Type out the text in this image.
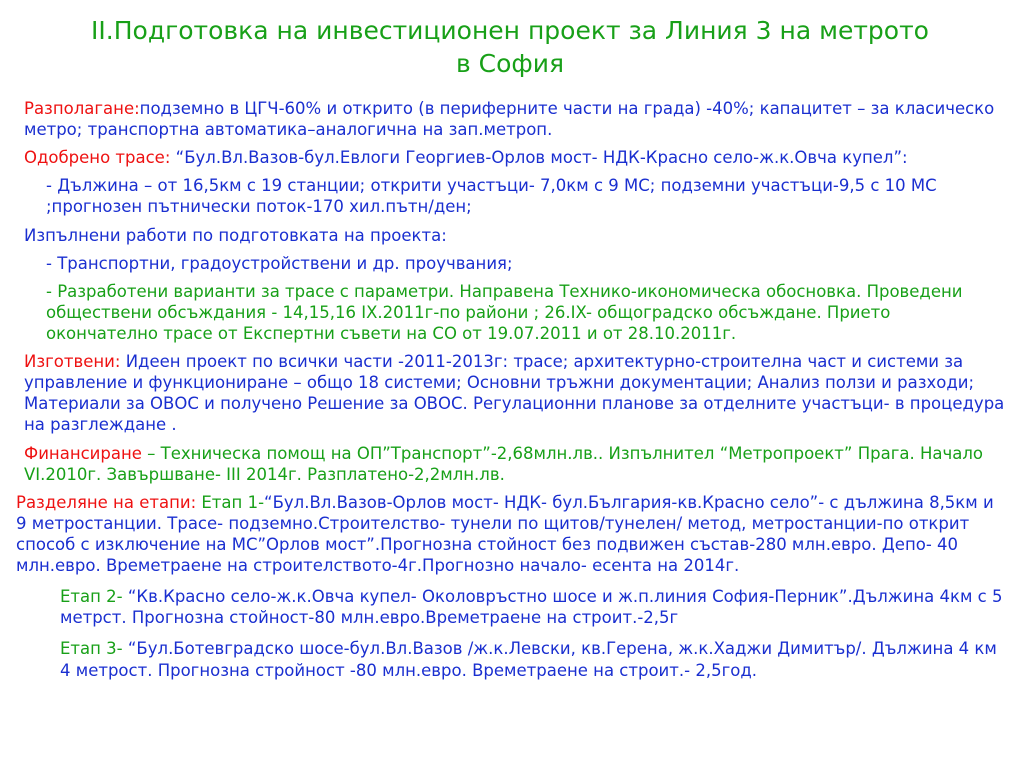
II.Подготовка на инвестиционен проект за Линия 3 на метрото в София
Разполагане:подземно в ЦГЧ-60% и открито (в периферните части на града) -40%; капацитет – за класическо метро; транспортна автоматика–аналогична на зап.метроп.
Одобрено трасе: “Бул.Вл.Вазов-бул.Евлоги Георгиев-Орлов мост- НДК-Красно село-ж.к.Овча купел”:
- Дължина – от 16,5км с 19 станции; открити участъци- 7,0км с 9 МС; подземни участъци-9,5 с 10 МС ;прогнозен пътнически поток-170 хил.пътн/ден;
Изпълнени работи по подготовката на проекта:
- Транспортни, градоустройствени и др. проучвания;
- Разработени варианти за трасе с параметри. Направена Технико-икономическа обосновка. Проведени обществени обсъждания - 14,15,16 IX.2011г-по райони ; 26.IX- общоградско обсъждане. Прието окончателно трасе от Експертни съвети на СО от 19.07.2011 и от 28.10.2011г.
Изготвени: Идеен проект по всички части -2011-2013г: трасе; архитектурно-строителна част и системи за управление и функциониране – общо 18 системи; Основни тръжни документации; Анализ ползи и разходи; Материали за ОВОС и получено Решение за ОВОС. Регулационни планове за отделните участъци- в процедура на разглеждане .
Финансиране – Техническа помощ на ОП”Транспорт”-2,68млн.лв.. Изпълнител “Метропроект” Прага. Начало VI.2010г. Завършване- III 2014г. Разплатено-2,2млн.лв.
Разделяне на етапи: Етап 1-“Бул.Вл.Вазов-Орлов мост- НДК- бул.България-кв.Красно село”- с дължина 8,5км и 9 метростанции. Трасе- подземно.Строителство- тунели по щитов/тунелен/ метод, метростанции-по открит способ с изключение на МС”Орлов мост”.Прогнозна стойност без подвижен състав-280 млн.евро. Депо- 40 млн.евро. Времетраене на строителството-4г.Прогнозно начало- есента на 2014г.
Етап 2- “Кв.Красно село-ж.к.Овча купел- Околовръстно шосе и ж.п.линия София-Перник”.Дължина 4км с 5 метрст. Прогнозна стойност-80 млн.евро.Времетраене на строит.-2,5г
Етап 3- “Бул.Ботевградско шосе-бул.Вл.Вазов /ж.к.Левски, кв.Герена, ж.к.Хаджи Димитър/. Дължина 4 км 4 метрост. Прогнозна стройност -80 млн.евро. Времетраене на строит.- 2,5год.
